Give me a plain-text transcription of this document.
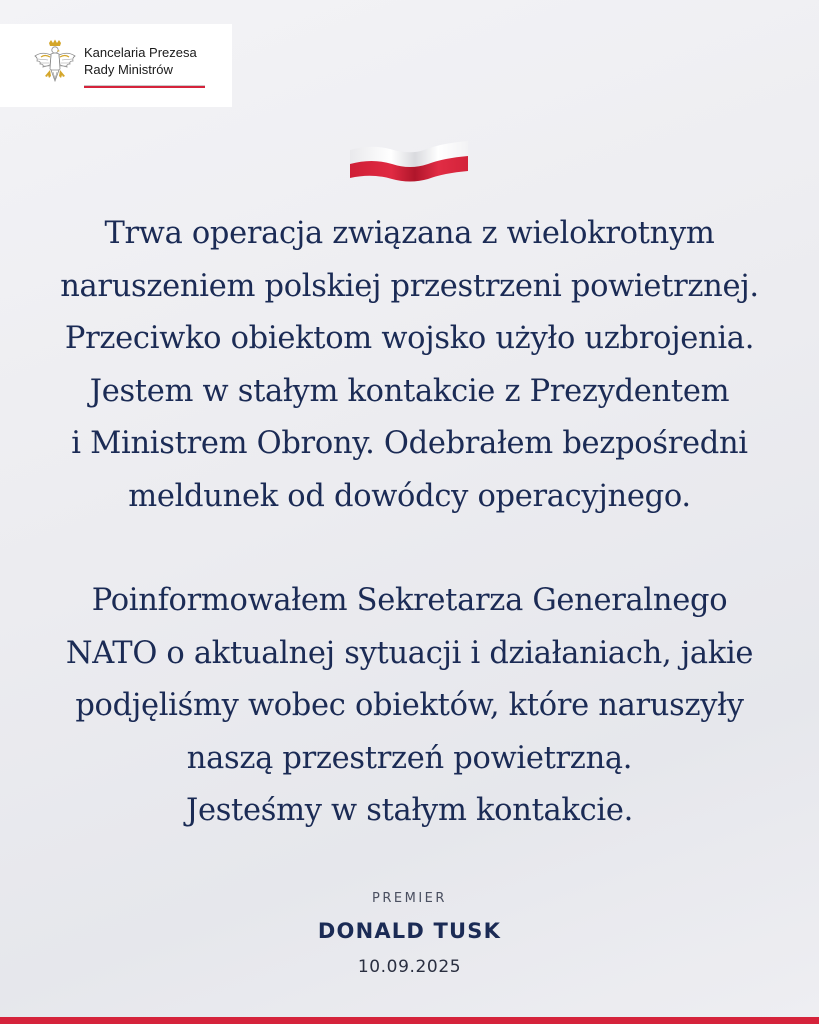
Kancelaria Prezesa
Rady Ministrów

Trwa operacja związana z wielokrotnym
naruszeniem polskiej przestrzeni powietrznej.
Przeciwko obiektom wojsko użyło uzbrojenia.
Jestem w stałym kontakcie z Prezydentem
i Ministrem Obrony. Odebrałem bezpośredni
meldunek od dowódcy operacyjnego.

Poinformowałem Sekretarza Generalnego
NATO o aktualnej sytuacji i działaniach, jakie
podjęliśmy wobec obiektów, które naruszyły
naszą przestrzeń powietrzną.
Jesteśmy w stałym kontakcie.

PREMIER
DONALD TUSK
10.09.2025
